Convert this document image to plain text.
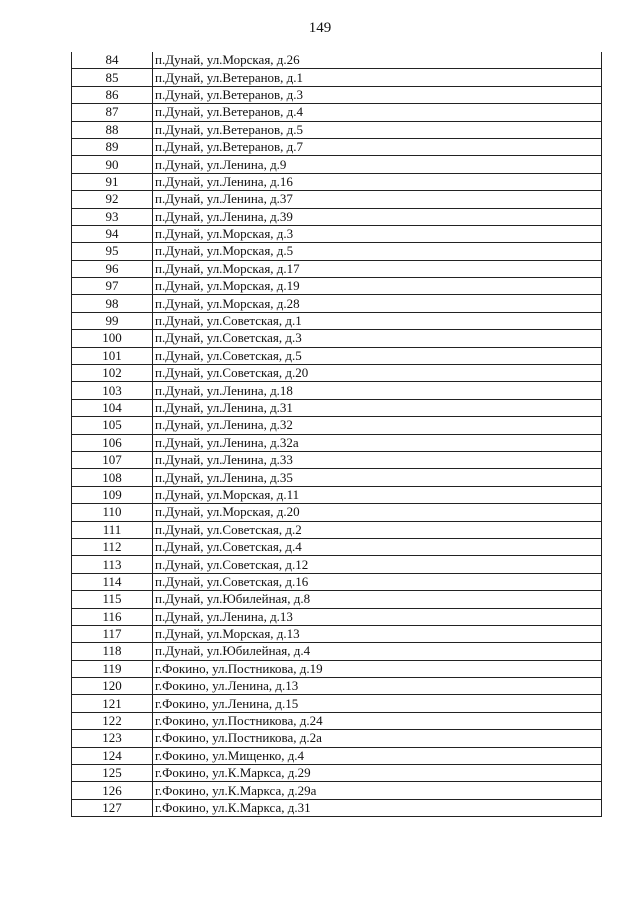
149
84	п.Дунай, ул.Морская, д.26
85	п.Дунай, ул.Ветеранов, д.1
86	п.Дунай, ул.Ветеранов, д.3
87	п.Дунай, ул.Ветеранов, д.4
88	п.Дунай, ул.Ветеранов, д.5
89	п.Дунай, ул.Ветеранов, д.7
90	п.Дунай, ул.Ленина, д.9
91	п.Дунай, ул.Ленина, д.16
92	п.Дунай, ул.Ленина, д.37
93	п.Дунай, ул.Ленина, д.39
94	п.Дунай, ул.Морская, д.3
95	п.Дунай, ул.Морская, д.5
96	п.Дунай, ул.Морская, д.17
97	п.Дунай, ул.Морская, д.19
98	п.Дунай, ул.Морская, д.28
99	п.Дунай, ул.Советская, д.1
100	п.Дунай, ул.Советская, д.3
101	п.Дунай, ул.Советская, д.5
102	п.Дунай, ул.Советская, д.20
103	п.Дунай, ул.Ленина, д.18
104	п.Дунай, ул.Ленина, д.31
105	п.Дунай, ул.Ленина, д.32
106	п.Дунай, ул.Ленина, д.32а
107	п.Дунай, ул.Ленина, д.33
108	п.Дунай, ул.Ленина, д.35
109	п.Дунай, ул.Морская, д.11
110	п.Дунай, ул.Морская, д.20
111	п.Дунай, ул.Советская, д.2
112	п.Дунай, ул.Советская, д.4
113	п.Дунай, ул.Советская, д.12
114	п.Дунай, ул.Советская, д.16
115	п.Дунай, ул.Юбилейная, д.8
116	п.Дунай, ул.Ленина, д.13
117	п.Дунай, ул.Морская, д.13
118	п.Дунай, ул.Юбилейная, д.4
119	г.Фокино, ул.Постникова, д.19
120	г.Фокино, ул.Ленина, д.13
121	г.Фокино, ул.Ленина, д.15
122	г.Фокино, ул.Постникова, д.24
123	г.Фокино, ул.Постникова, д.2а
124	г.Фокино, ул.Мищенко, д.4
125	г.Фокино, ул.К.Маркса, д.29
126	г.Фокино, ул.К.Маркса, д.29а
127	г.Фокино, ул.К.Маркса, д.31
